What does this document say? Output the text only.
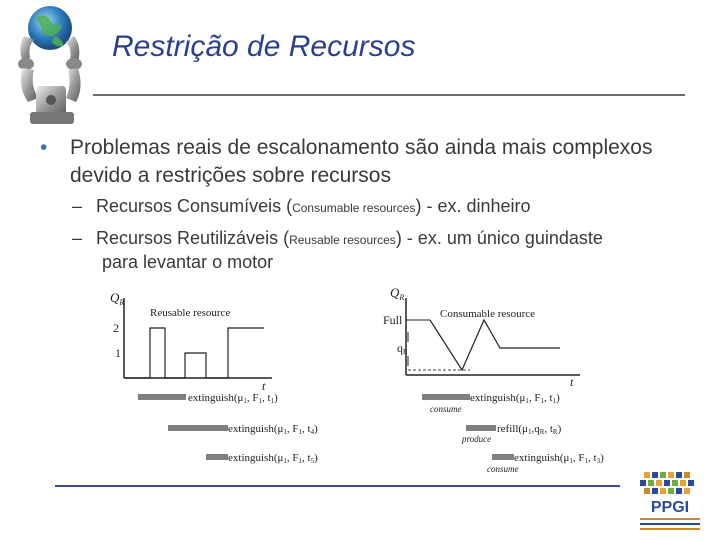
Restrição de Recursos
• Problemas reais de escalonamento são ainda mais complexos devido a restrições sobre recursos
– Recursos Consumíveis (Consumable resources) - ex. dinheiro
– Recursos Reutilizáveis (Reusable resources) - ex. um único guindaste
para levantar o motor
$Q_R$
Reusable resource
2
1
t
extinguish(μ1, F1, t1)
extinguish(μ1, F1, t4)
extinguish(μ1, F1, t5)
$Q_R$
Consumable resource
Full
qR
t
extinguish(μ1, F1, t1)
consume
refill(μ1,qR, tR)
produce
extinguish(μ1, F1, t3)
consume
PPGI
